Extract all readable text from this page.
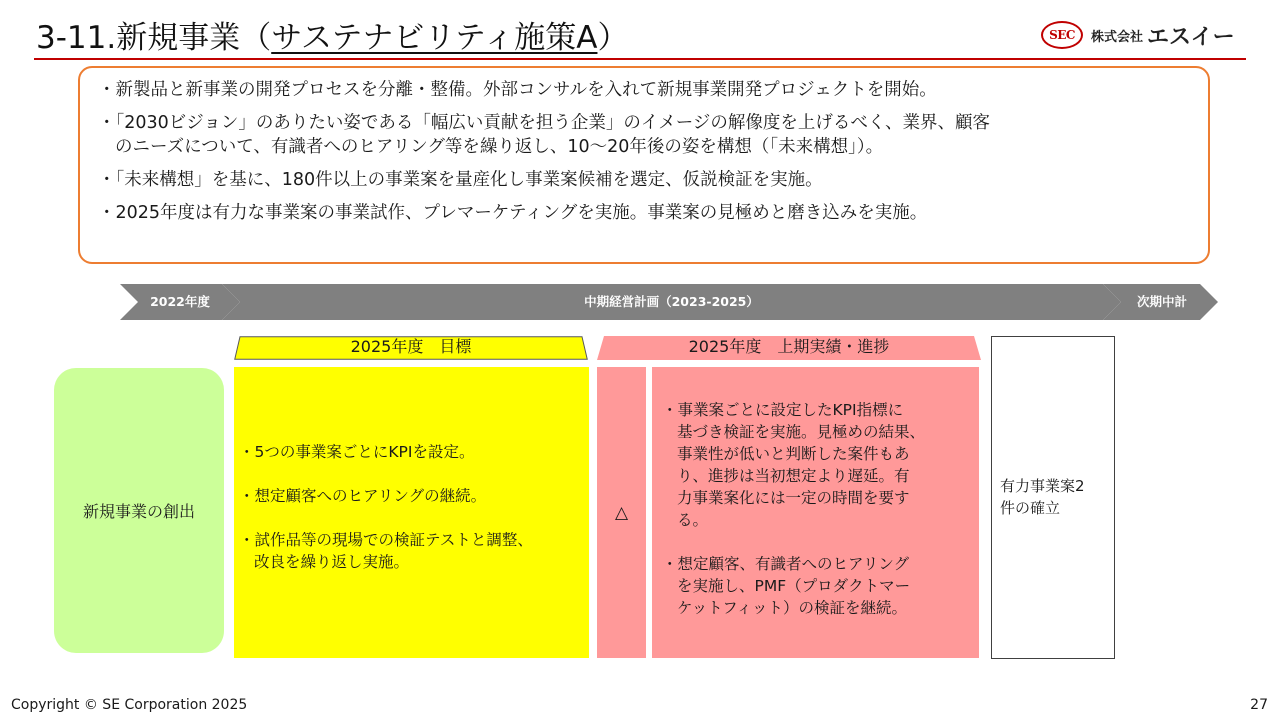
3-11.新規事業（サステナビリティ施策A）	SEC	株式会社 エスイー
・新製品と新事業の開発プロセスを分離・整備。外部コンサルを入れて新規事業開発プロジェクトを開始。
・「2030ビジョン」のありたい姿である「幅広い貢献を担う企業」のイメージの解像度を上げるべく、業界、顧客
のニーズについて、有識者へのヒアリング等を繰り返し、10〜20年後の姿を構想（「未来構想」）。
・「未来構想」を基に、180件以上の事業案を量産化し事業案候補を選定、仮説検証を実施。
・2025年度は有力な事業案の事業試作、プレマーケティングを実施。事業案の見極めと磨き込みを実施。
2022年度	中期経営計画（2023-2025）	次期中計
2025年度　目標	2025年度　上期実績・進捗
有力事業案2
件の確立
新規事業の創出
・5つの事業案ごとにKPIを設定。
・想定顧客へのヒアリングの継続。
・試作品等の現場での検証テストと調整、
改良を繰り返し実施。
△
・事業案ごとに設定したKPI指標に
基づき検証を実施。見極めの結果、
事業性が低いと判断した案件もあ
り、進捗は当初想定より遅延。有
力事業案化には一定の時間を要す
る。
・想定顧客、有識者へのヒアリング
を実施し、PMF（プロダクトマー
ケットフィット）の検証を継続。
Copyright © SE Corporation 2025	27
